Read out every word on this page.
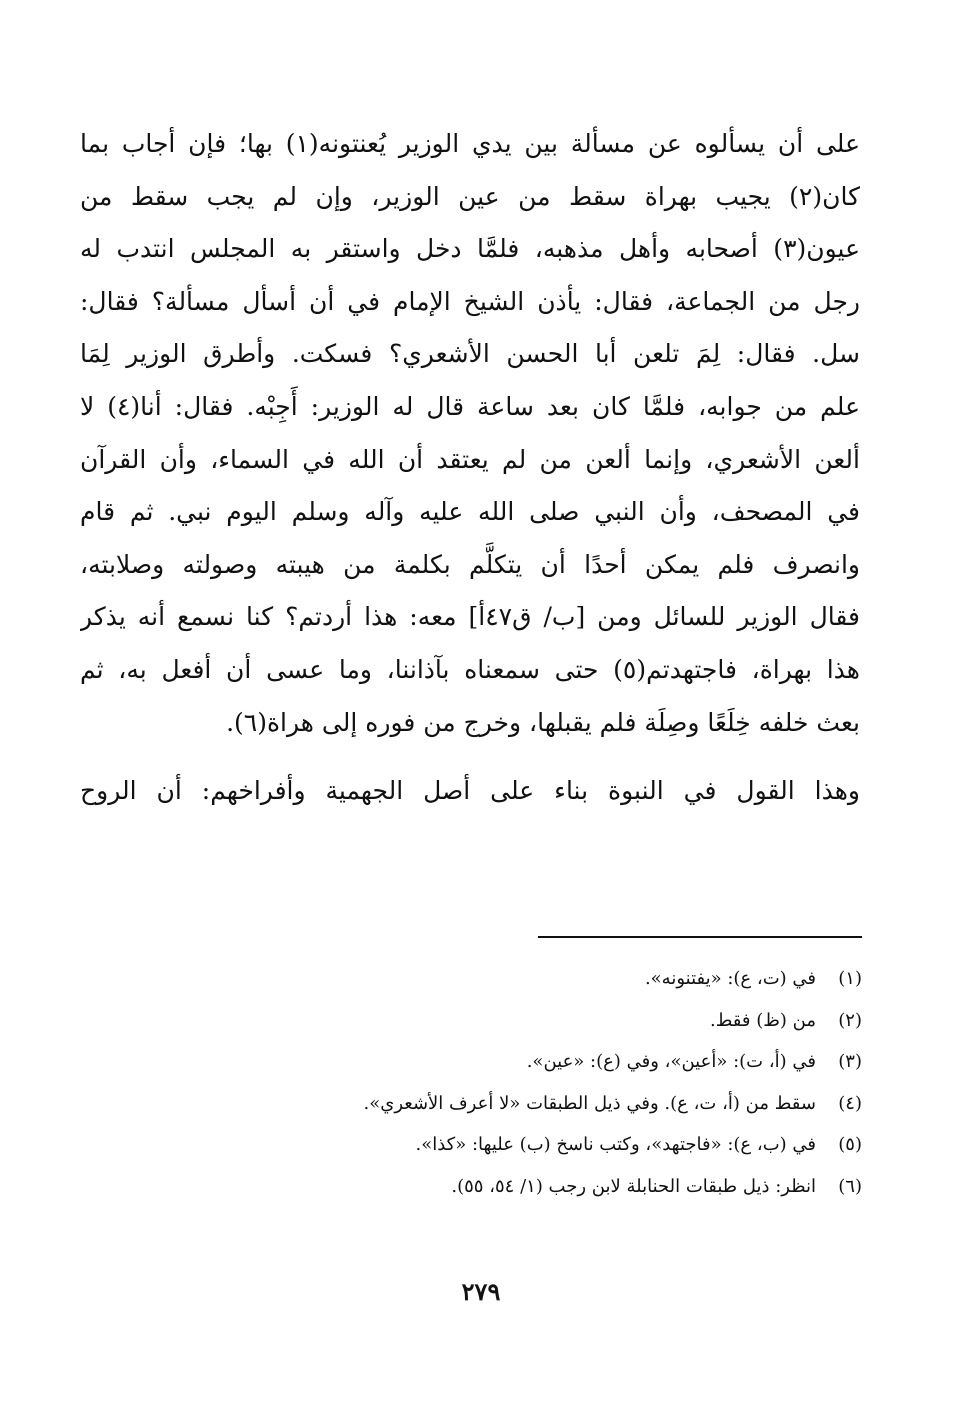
على أن يسألوه عن مسألة بين يدي الوزير يُعنتونه(١) بها؛ فإن أجاب بما
كان(٢) يجيب بهراة سقط من عين الوزير، وإن لم يجب سقط من
عيون(٣) أصحابه وأهل مذهبه، فلمَّا دخل واستقر به المجلس انتدب له
رجل من الجماعة، فقال: يأذن الشيخ الإمام في أن أسأل مسألة؟ فقال:
سل. فقال: لِمَ تلعن أبا الحسن الأشعري؟ فسكت. وأطرق الوزير لِمَا
علم من جوابه، فلمَّا كان بعد ساعة قال له الوزير: أَجِبْه. فقال: أنا(٤) لا
ألعن الأشعري، وإنما ألعن من لم يعتقد أن الله في السماء، وأن القرآن
في المصحف، وأن النبي صلى الله عليه وآله وسلم اليوم نبي. ثم قام
وانصرف فلم يمكن أحدًا أن يتكلَّم بكلمة من هيبته وصولته وصلابته،
فقال الوزير للسائل ومن [ب/ ق٤٧أ] معه: هذا أردتم؟ كنا نسمع أنه يذكر
هذا بهراة، فاجتهدتم(٥) حتى سمعناه بآذاننا، وما عسى أن أفعل به، ثم
بعث خلفه خِلَعًا وصِلَة فلم يقبلها، وخرج من فوره إلى هراة(٦).
وهذا القول في النبوة بناء على أصل الجهمية وأفراخهم: أن الروح
(١)في (ت، ع): «يفتنونه».
(٢)من (ظ) فقط.
(٣)في (أ، ت): «أعين»، وفي (ع): «عين».
(٤)سقط من (أ، ت، ع). وفي ذيل الطبقات «لا أعرف الأشعري».
(٥)في (ب، ع): «فاجتهد»، وكتب ناسخ (ب) عليها: «كذا».
(٦)انظر: ذيل طبقات الحنابلة لابن رجب (١/ ٥٤، ٥٥).
٢٧٩
